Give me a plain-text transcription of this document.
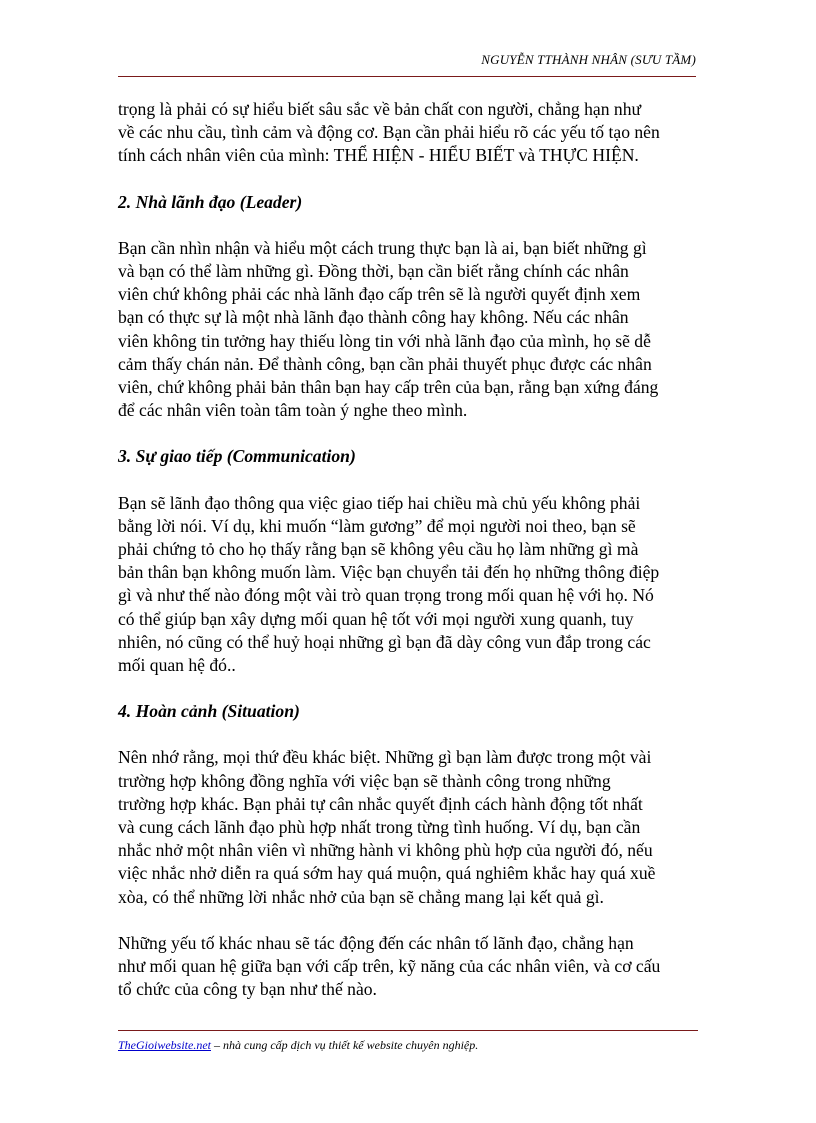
NGUYỄN TTHÀNH NHÂN (SƯU TẦM)

trọng là phải có sự hiểu biết sâu sắc về bản chất con người, chẳng hạn như
về các nhu cầu, tình cảm và động cơ. Bạn cần phải hiểu rõ các yếu tố tạo nên
tính cách nhân viên của mình: THỂ HIỆN - HIỂU BIẾT và THỰC HIỆN.

2. Nhà lãnh đạo (Leader)

Bạn cần nhìn nhận và hiểu một cách trung thực bạn là ai, bạn biết những gì
và bạn có thể làm những gì. Đồng thời, bạn cần biết rằng chính các nhân
viên chứ không phải các nhà lãnh đạo cấp trên sẽ là người quyết định xem
bạn có thực sự là một nhà lãnh đạo thành công hay không. Nếu các nhân
viên không tin tưởng hay thiếu lòng tin với nhà lãnh đạo của mình, họ sẽ dễ
cảm thấy chán nản. Để thành công, bạn cần phải thuyết phục được các nhân
viên, chứ không phải bản thân bạn hay cấp trên của bạn, rằng bạn xứng đáng
để các nhân viên toàn tâm toàn ý nghe theo mình.

3. Sự giao tiếp (Communication)

Bạn sẽ lãnh đạo thông qua việc giao tiếp hai chiều mà chủ yếu không phải
bằng lời nói. Ví dụ, khi muốn “làm gương” để mọi người noi theo, bạn sẽ
phải chứng tỏ cho họ thấy rằng bạn sẽ không yêu cầu họ làm những gì mà
bản thân bạn không muốn làm. Việc bạn chuyển tải đến họ những thông điệp
gì và như thế nào đóng một vài trò quan trọng trong mối quan hệ với họ. Nó
có thể giúp bạn xây dựng mối quan hệ tốt với mọi người xung quanh, tuy
nhiên, nó cũng có thể huỷ hoại những gì bạn đã dày công vun đắp trong các
mối quan hệ đó..

4. Hoàn cảnh (Situation)

Nên nhớ rằng, mọi thứ đều khác biệt. Những gì bạn làm được trong một vài
trường hợp không đồng nghĩa với việc bạn sẽ thành công trong những
trường hợp khác. Bạn phải tự cân nhắc quyết định cách hành động tốt nhất
và cung cách lãnh đạo phù hợp nhất trong từng tình huống. Ví dụ, bạn cần
nhắc nhở một nhân viên vì những hành vi không phù hợp của người đó, nếu
việc nhắc nhở diễn ra quá sớm hay quá muộn, quá nghiêm khắc hay quá xuề
xòa, có thể những lời nhắc nhở của bạn sẽ chẳng mang lại kết quả gì.

Những yếu tố khác nhau sẽ tác động đến các nhân tố lãnh đạo, chẳng hạn
như mối quan hệ giữa bạn với cấp trên, kỹ năng của các nhân viên, và cơ cấu
tổ chức của công ty bạn như thế nào.

TheGioiwebsite.net – nhà cung cấp dịch vụ thiết kế website chuyên nghiệp.
